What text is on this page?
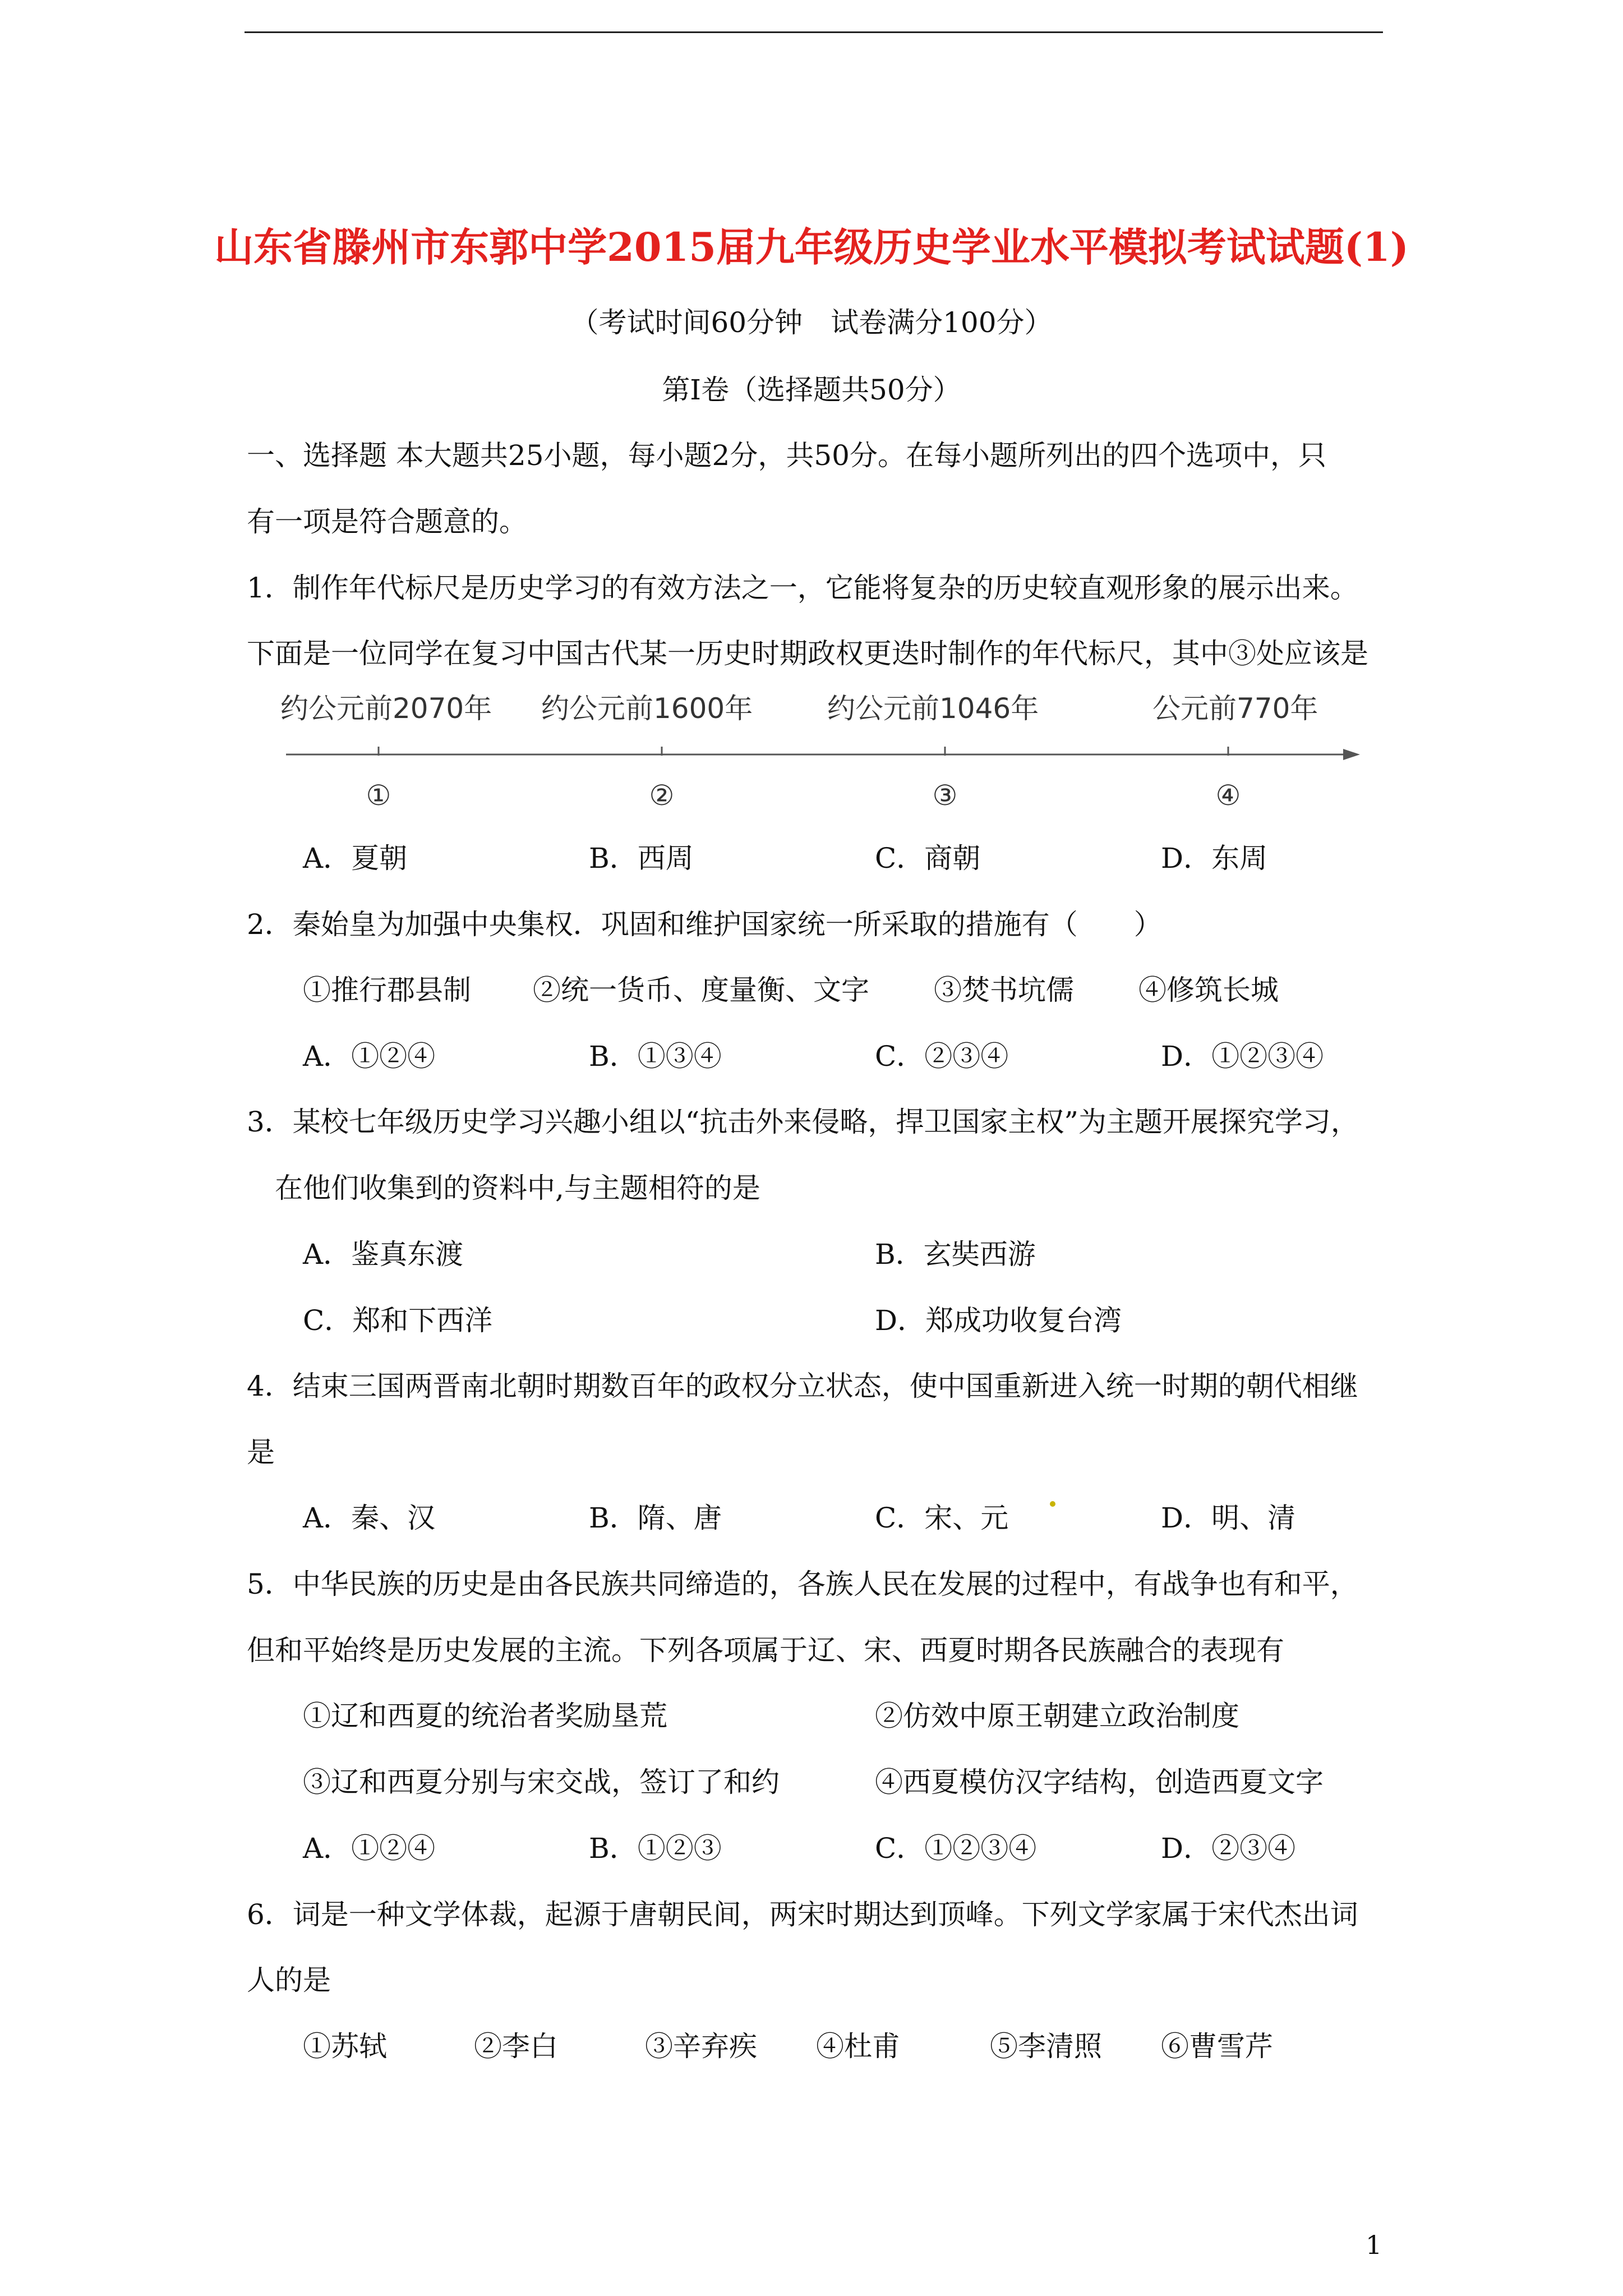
山东省滕州市东郭中学2015届九年级历史学业水平模拟考试试题(1)
（考试时间60分钟　试卷满分100分）
第Ⅰ卷（选择题共50分）
一、选择题 本大题共25小题，每小题2分，共50分。在每小题所列出的四个选项中，只
有一项是符合题意的。
1．制作年代标尺是历史学习的有效方法之一，它能将复杂的历史较直观形象的展示出来。
下面是一位同学在复习中国古代某一历史时期政权更迭时制作的年代标尺，其中③处应该是
约公元前2070年 约公元前1600年	约公元前1046年	公元前770年
①	②	③	④
A．夏朝	B．西周	C．商朝	D．东周
2．秦始皇为加强中央集权．巩固和维护国家统一所采取的措施有（　　）
①推行郡县制 ②统一货币、度量衡、文字 ③焚书坑儒 ④修筑长城
A．①②④	B．①③④	C．②③④	D．①②③④
3．某校七年级历史学习兴趣小组以“抗击外来侵略，捍卫国家主权”为主题开展探究学习，
在他们收集到的资料中,与主题相符的是
A．鉴真东渡	B．玄奘西游
C．郑和下西洋	D．郑成功收复台湾
4．结束三国两晋南北朝时期数百年的政权分立状态，使中国重新进入统一时期的朝代相继
是
A．秦、汉	B．隋、唐	C．宋、元	D．明、清
5．中华民族的历史是由各民族共同缔造的，各族人民在发展的过程中，有战争也有和平，
但和平始终是历史发展的主流。下列各项属于辽、宋、西夏时期各民族融合的表现有
①辽和西夏的统治者奖励垦荒	②仿效中原王朝建立政治制度
③辽和西夏分别与宋交战，签订了和约	④西夏模仿汉字结构，创造西夏文字
A．①②④	B．①②③	C．①②③④	D．②③④
6．词是一种文学体裁，起源于唐朝民间，两宋时期达到顶峰。下列文学家属于宋代杰出词
人的是
①苏轼	②李白	③辛弃疾 ④杜甫	⑤李清照 ⑥曹雪芹
1
